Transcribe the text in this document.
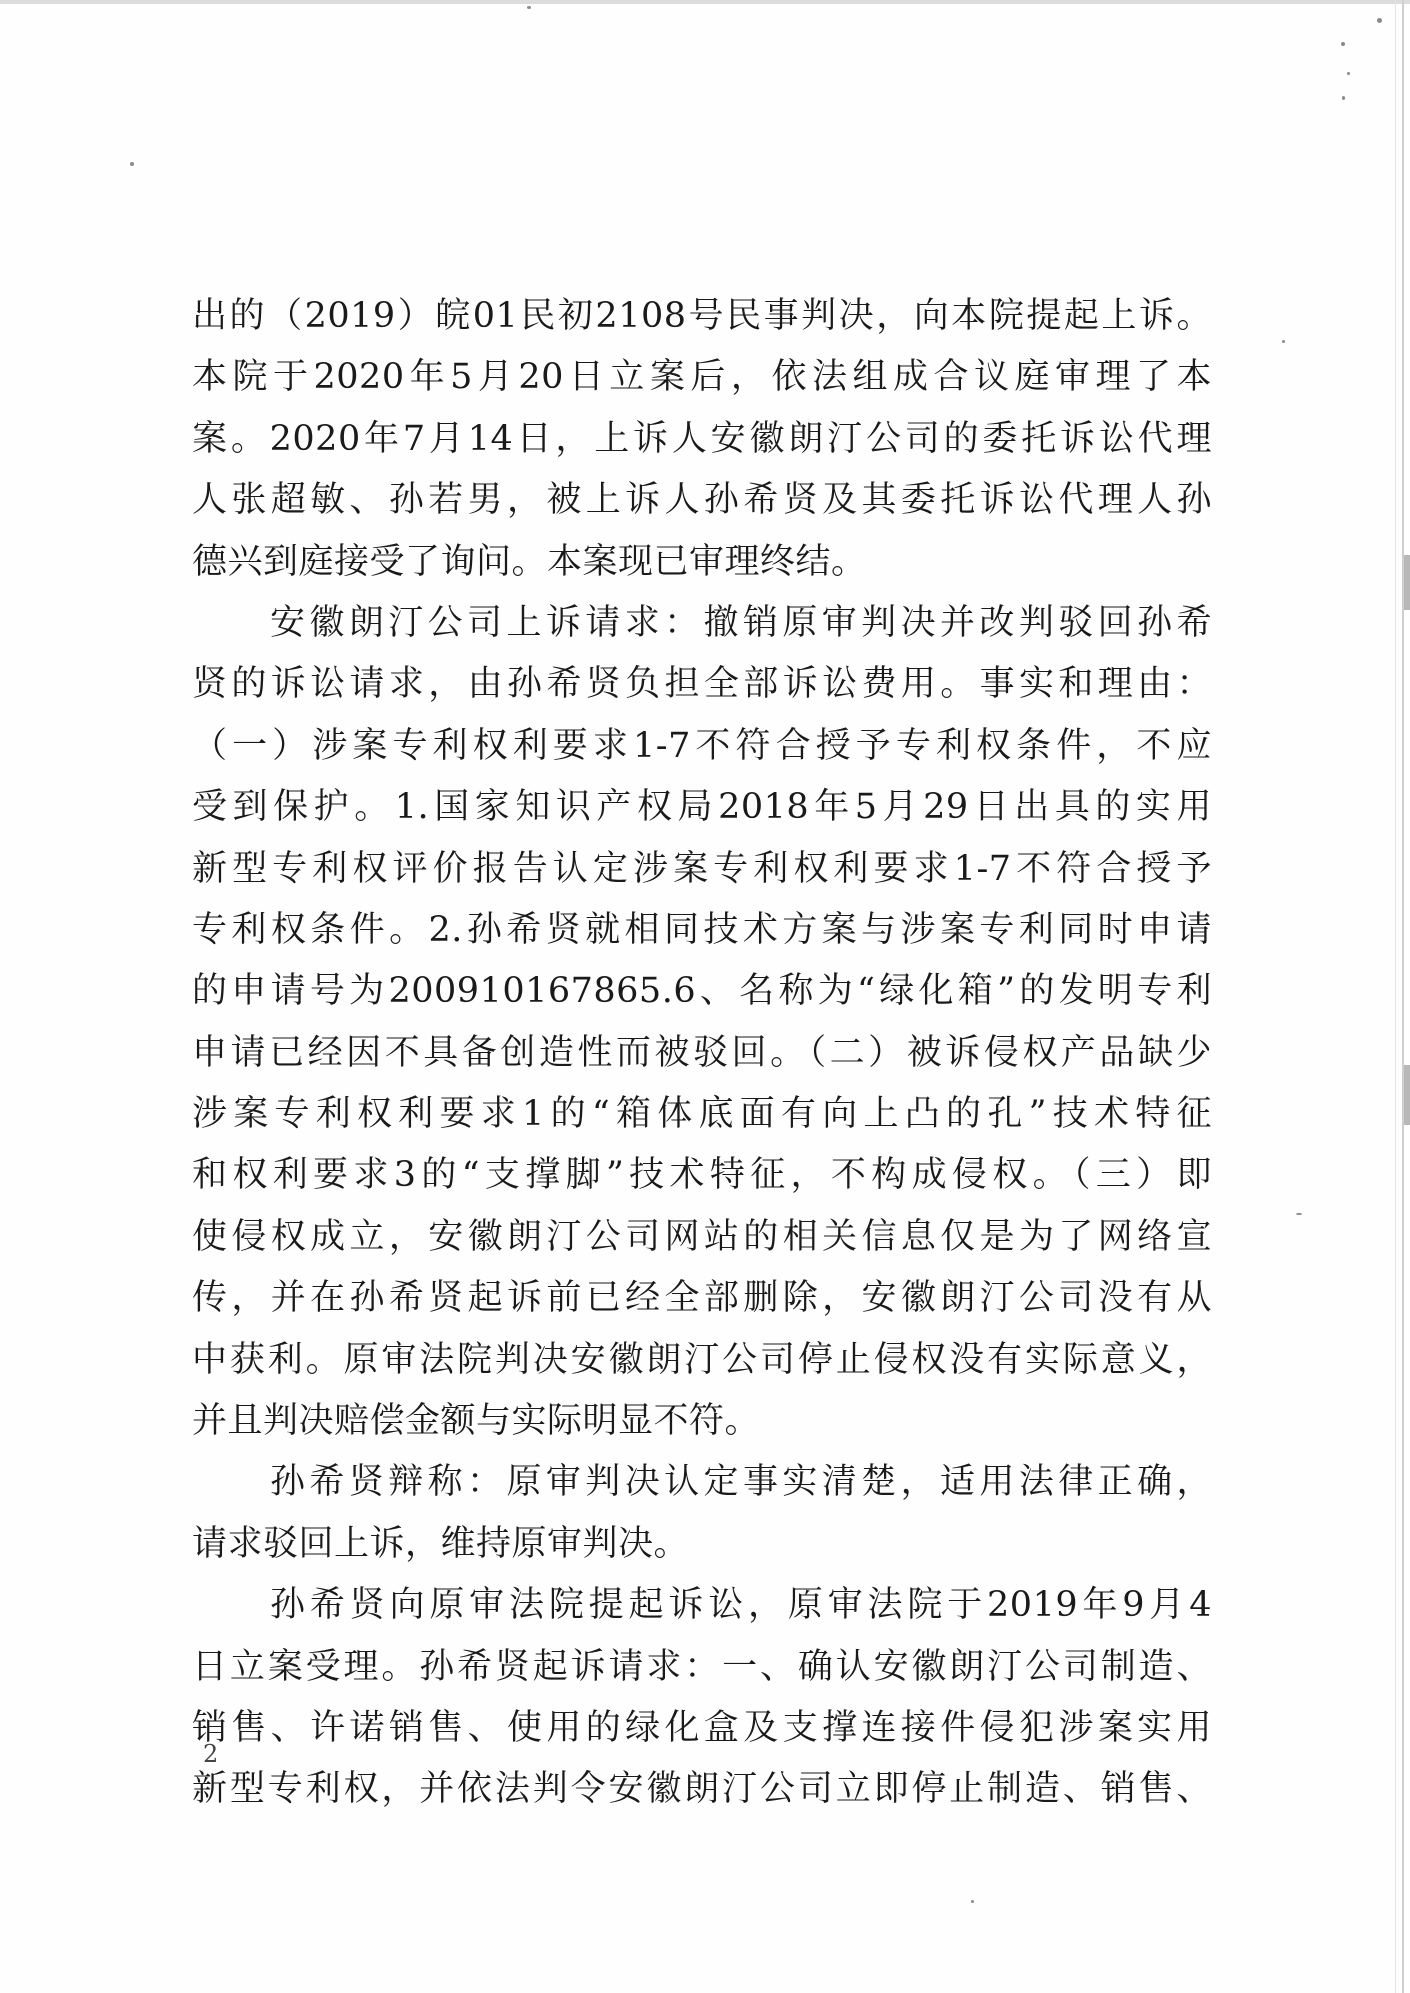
出的（2019）皖01民初2108号民事判决，向本院提起上诉。
本院于2020年5月20日立案后，依法组成合议庭审理了本
案。2020年7月14日，上诉人安徽朗汀公司的委托诉讼代理
人张超敏、孙若男，被上诉人孙希贤及其委托诉讼代理人孙
德兴到庭接受了询问。本案现已审理终结。
安徽朗汀公司上诉请求：撤销原审判决并改判驳回孙希
贤的诉讼请求，由孙希贤负担全部诉讼费用。事实和理由：
（一）涉案专利权利要求1-7不符合授予专利权条件，不应
受到保护。1.国家知识产权局2018年5月29日出具的实用
新型专利权评价报告认定涉案专利权利要求1-7不符合授予
专利权条件。2.孙希贤就相同技术方案与涉案专利同时申请
的申请号为200910167865.6、名称为“绿化箱”的发明专利
申请已经因不具备创造性而被驳回。（二）被诉侵权产品缺少
涉案专利权利要求1的“箱体底面有向上凸的孔”技术特征
和权利要求3的“支撑脚”技术特征，不构成侵权。（三）即
使侵权成立，安徽朗汀公司网站的相关信息仅是为了网络宣
传，并在孙希贤起诉前已经全部删除，安徽朗汀公司没有从
中获利。原审法院判决安徽朗汀公司停止侵权没有实际意义，
并且判决赔偿金额与实际明显不符。
孙希贤辩称：原审判决认定事实清楚，适用法律正确，
请求驳回上诉，维持原审判决。
孙希贤向原审法院提起诉讼，原审法院于2019年9月4
日立案受理。孙希贤起诉请求：一、确认安徽朗汀公司制造、
销售、许诺销售、使用的绿化盒及支撑连接件侵犯涉案实用
新型专利权，并依法判令安徽朗汀公司立即停止制造、销售、
2
